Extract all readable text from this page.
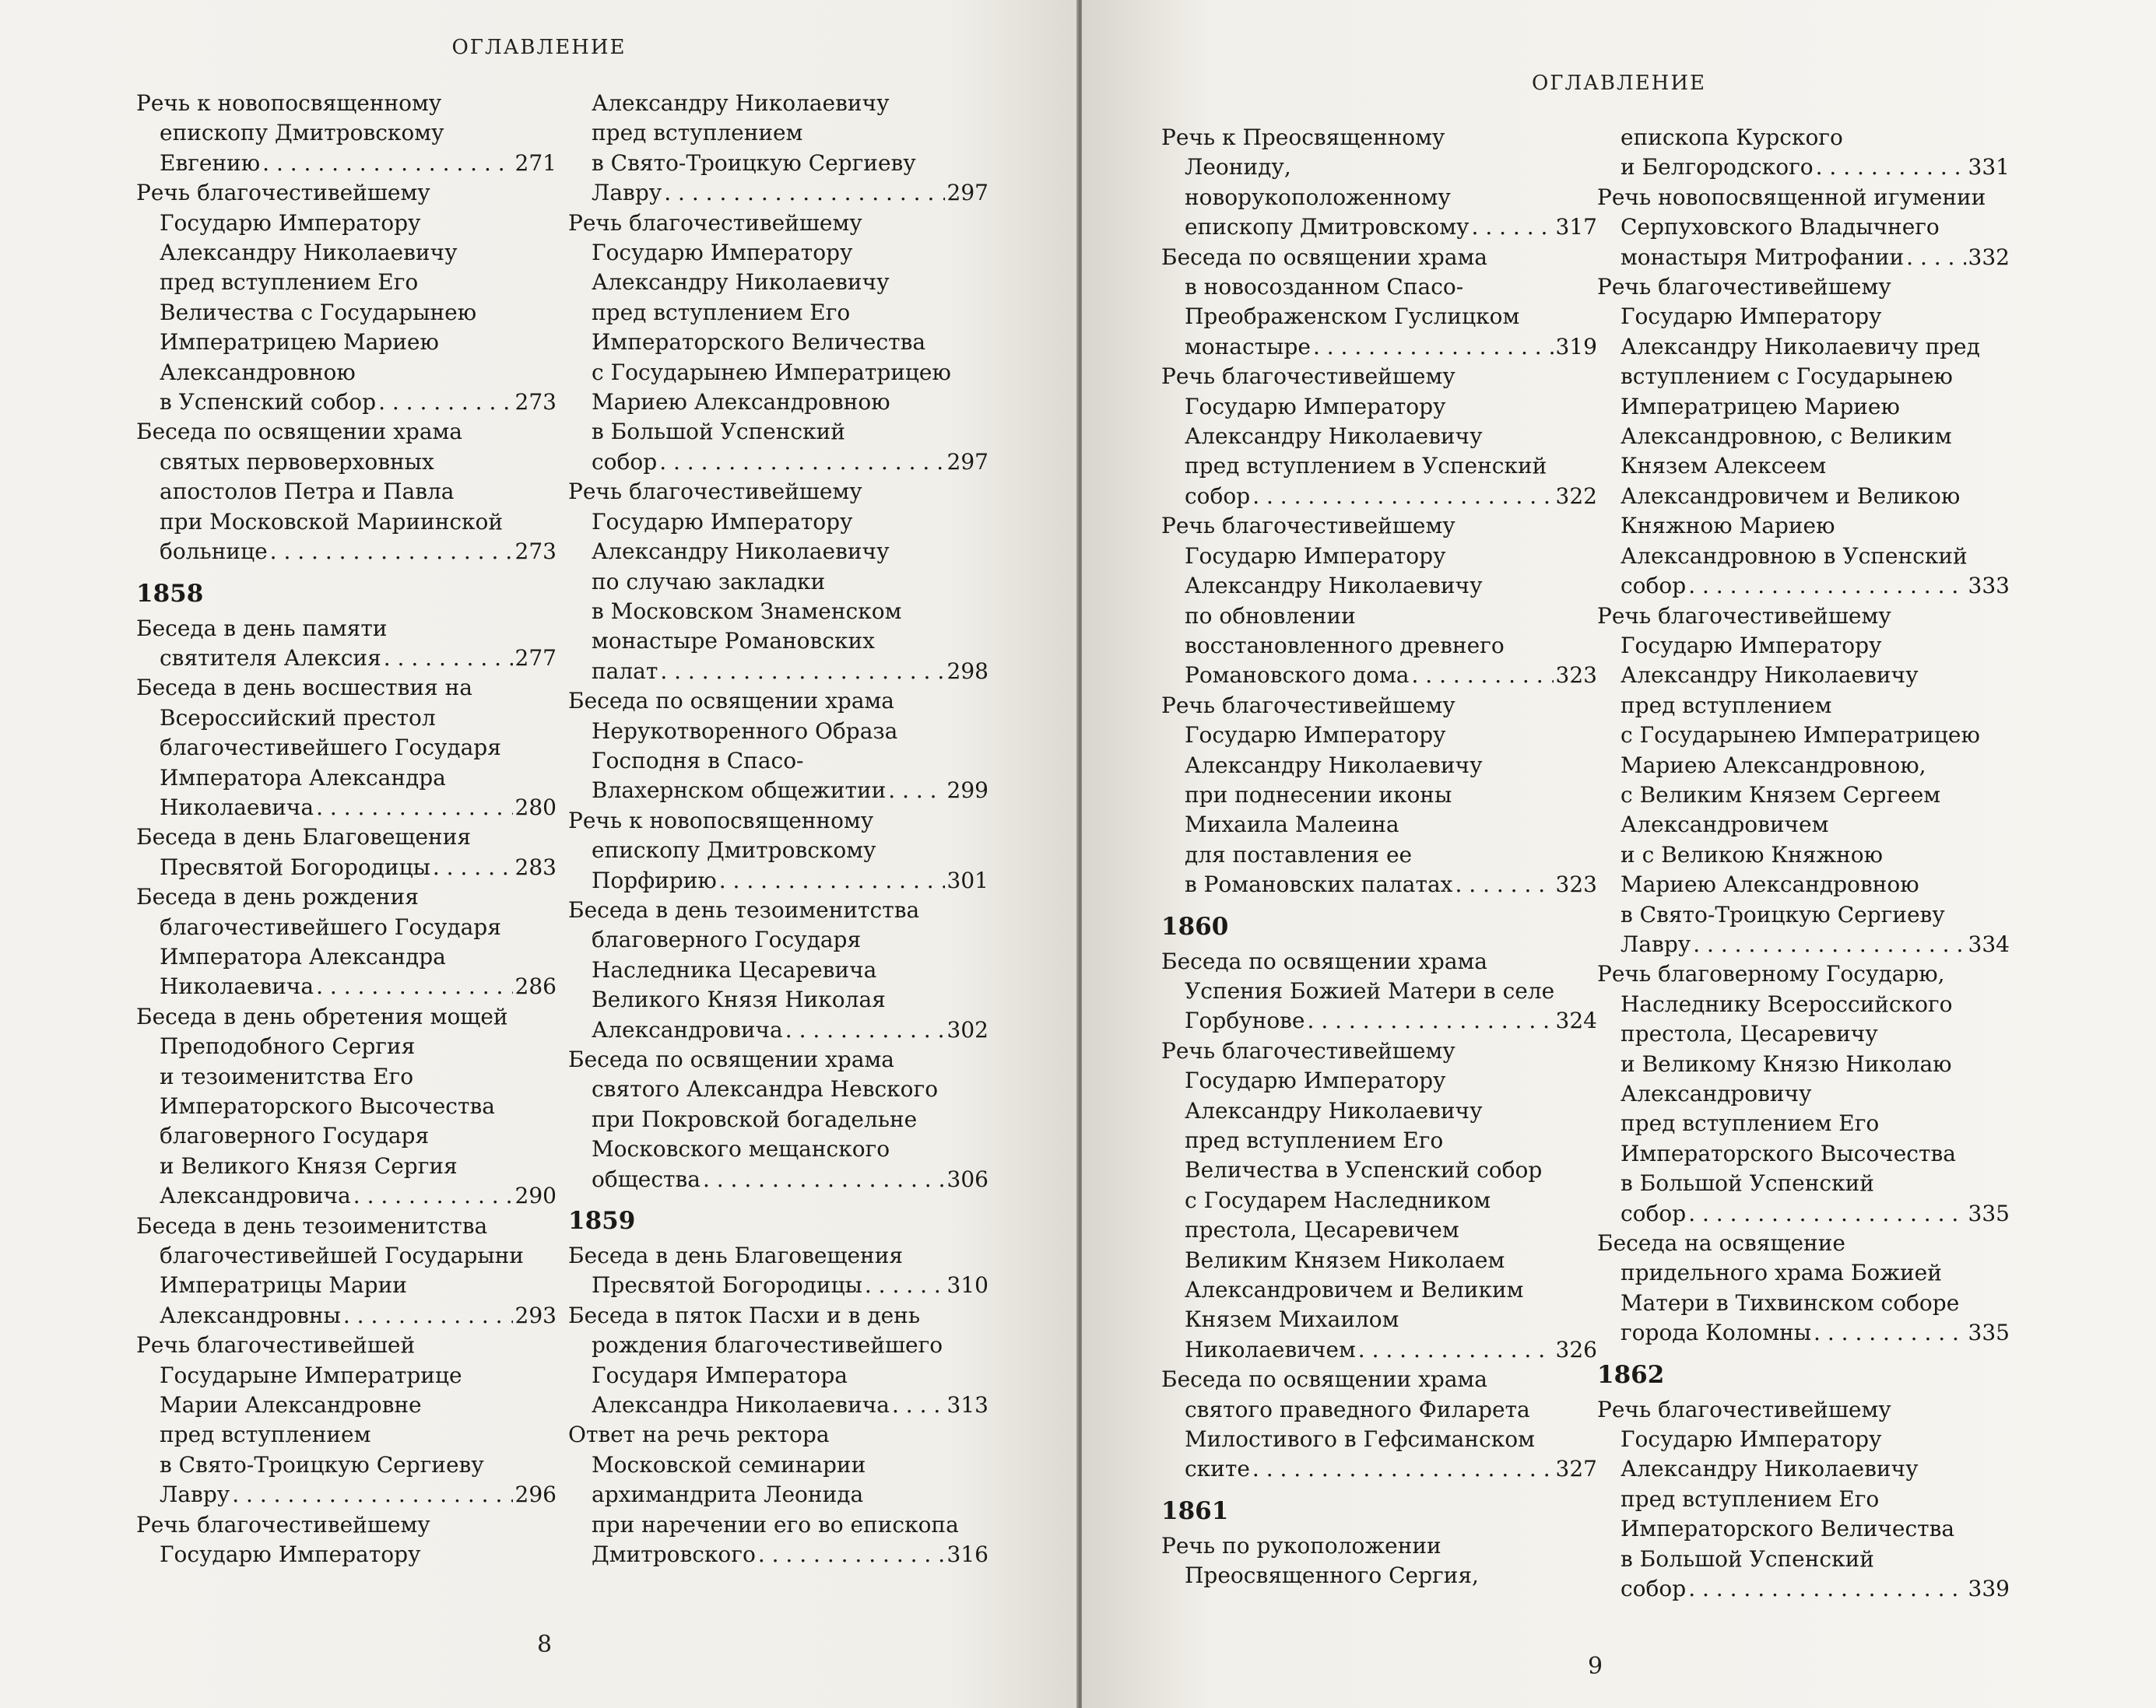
ОГЛАВЛЕНИЕ
Речь к новопосвященному
епископу Дмитровскому
Евгению . . .	271
Речь благочестивейшему
Государю Императору
Александру Николаевичу
пред вступлением Его
Величества с Государынею
Императрицею Мариею
Александровною
в Успенский собор . . .	273
Беседа по освящении храма
святых первоверховных
апостолов Петра и Павла
при Московской Мариинской
больнице . . .	273
1858
Беседа в день памяти
святителя Алексия . . .	277
Беседа в день восшествия на
Всероссийский престол
благочестивейшего Государя
Императора Александра
Николаевича . . .	280
Беседа в день Благовещения
Пресвятой Богородицы . . .	283
Беседа в день рождения
благочестивейшего Государя
Императора Александра
Николаевича . . .	286
Беседа в день обретения мощей
Преподобного Сергия
и тезоименитства Его
Императорского Высочества
благоверного Государя
и Великого Князя Сергия
Александровича . . .	290
Беседа в день тезоименитства
благочестивейшей Государыни
Императрицы Марии
Александровны . . .	293
Речь благочестивейшей
Государыне Императрице
Марии Александровне
пред вступлением
в Свято-Троицкую Сергиеву
Лавру . . .	296
Речь благочестивейшему
Государю Императору
Александру Николаевичу
пред вступлением
в Свято-Троицкую Сергиеву
Лавру . . .	297
Речь благочестивейшему
Государю Императору
Александру Николаевичу
пред вступлением Его
Императорского Величества
с Государынею Императрицею
Мариею Александровною
в Большой Успенский
собор . . .	297
Речь благочестивейшему
Государю Императору
Александру Николаевичу
по случаю закладки
в Московском Знаменском
монастыре Романовских
палат . . .	298
Беседа по освящении храма
Нерукотворенного Образа
Господня в Спасо-
Влахернском общежитии . . .	299
Речь к новопосвященному
епископу Дмитровскому
Порфирию . . .	301
Беседа в день тезоименитства
благоверного Государя
Наследника Цесаревича
Великого Князя Николая
Александровича . . .	302
Беседа по освящении храма
святого Александра Невского
при Покровской богадельне
Московского мещанского
общества . . .	306
1859
Беседа в день Благовещения
Пресвятой Богородицы . . .	310
Беседа в пяток Пасхи и в день
рождения благочестивейшего
Государя Императора
Александра Николаевича . . .	313
Ответ на речь ректора
Московской семинарии
архимандрита Леонида
при наречении его во епископа
Дмитровского . . .	316
8
ОГЛАВЛЕНИЕ
Речь к Преосвященному
Леониду,
новорукоположенному
епископу Дмитровскому . . .	317
Беседа по освящении храма
в новосозданном Спасо-
Преображенском Гуслицком
монастыре . . .	319
Речь благочестивейшему
Государю Императору
Александру Николаевичу
пред вступлением в Успенский
собор . . .	322
Речь благочестивейшему
Государю Императору
Александру Николаевичу
по обновлении
восстановленного древнего
Романовского дома . . .	323
Речь благочестивейшему
Государю Императору
Александру Николаевичу
при поднесении иконы
Михаила Малеина
для поставления ее
в Романовских палатах . . .	323
1860
Беседа по освящении храма
Успения Божией Матери в селе
Горбунове . . .	324
Речь благочестивейшему
Государю Императору
Александру Николаевичу
пред вступлением Его
Величества в Успенский собор
с Государем Наследником
престола, Цесаревичем
Великим Князем Николаем
Александровичем и Великим
Князем Михаилом
Николаевичем . . .	326
Беседа по освящении храма
святого праведного Филарета
Милостивого в Гефсиманском
ските . . .	327
1861
Речь по рукоположении
Преосвященного Сергия,
епископа Курского
и Белгородского . . .	331
Речь новопосвященной игумении
Серпуховского Владычнего
монастыря Митрофании . . .	332
Речь благочестивейшему
Государю Императору
Александру Николаевичу пред
вступлением с Государынею
Императрицею Мариею
Александровною, с Великим
Князем Алексеем
Александровичем и Великою
Княжною Мариею
Александровною в Успенский
собор . . .	333
Речь благочестивейшему
Государю Императору
Александру Николаевичу
пред вступлением
с Государынею Императрицею
Мариею Александровною,
с Великим Князем Сергеем
Александровичем
и с Великою Княжною
Мариею Александровною
в Свято-Троицкую Сергиеву
Лавру . . .	334
Речь благоверному Государю,
Наследнику Всероссийского
престола, Цесаревичу
и Великому Князю Николаю
Александровичу
пред вступлением Его
Императорского Высочества
в Большой Успенский
собор . . .	335
Беседа на освящение
придельного храма Божией
Матери в Тихвинском соборе
города Коломны . . .	335
1862
Речь благочестивейшему
Государю Императору
Александру Николаевичу
пред вступлением Его
Императорского Величества
в Большой Успенский
собор . . .	339
9
